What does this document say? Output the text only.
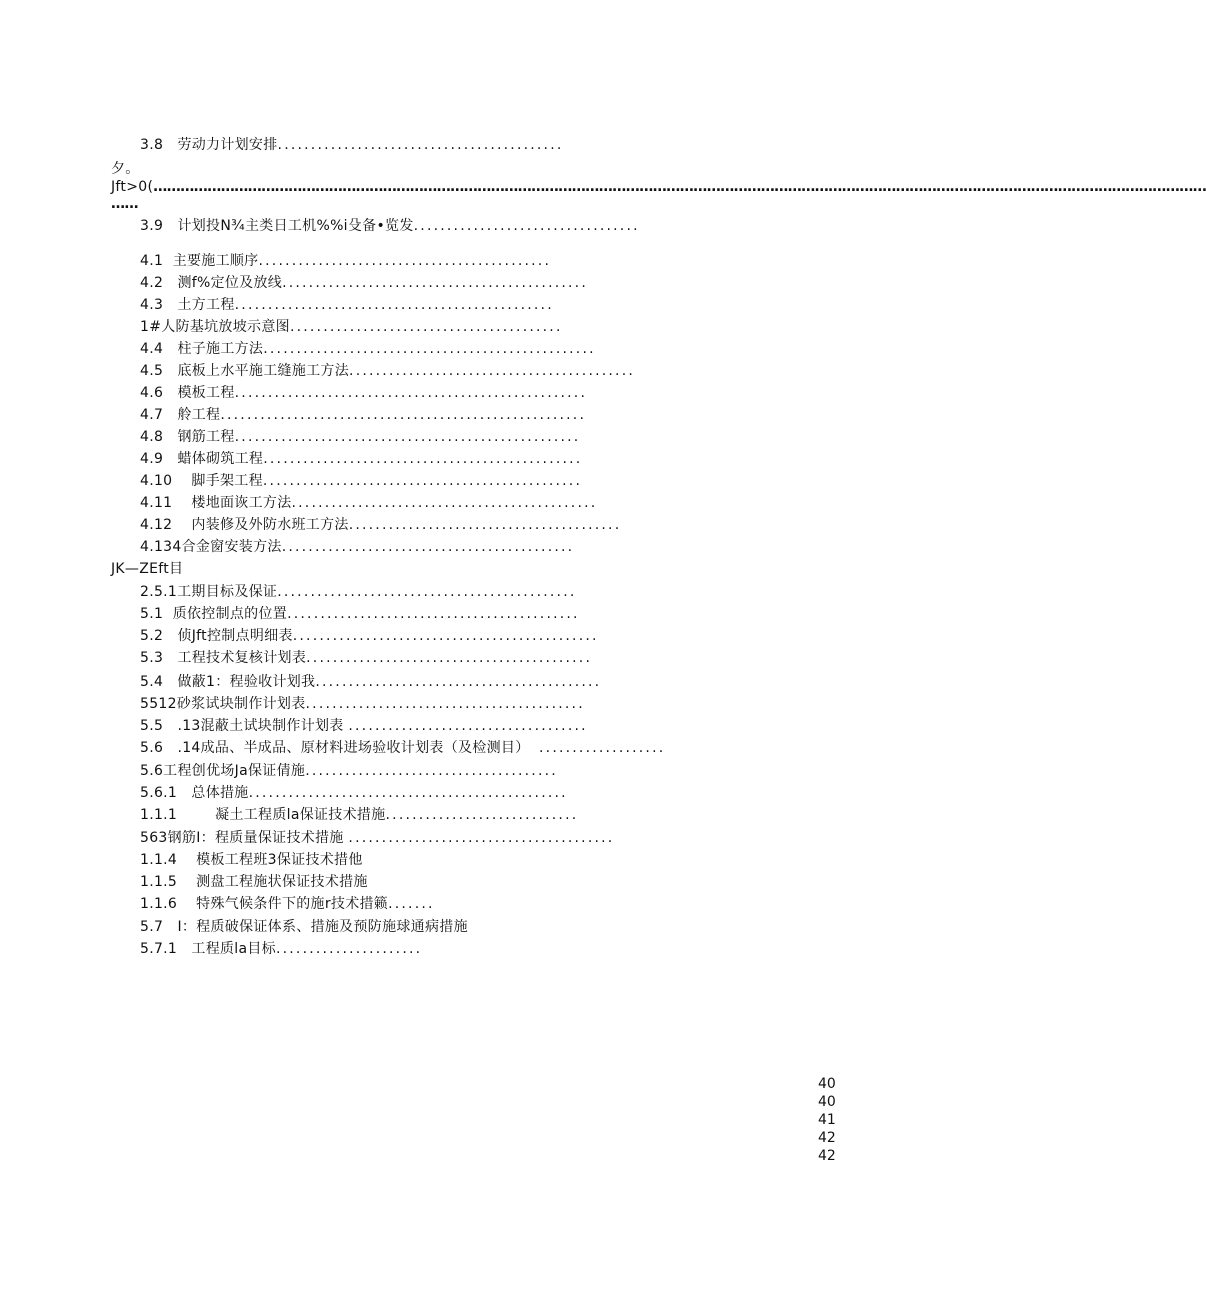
3.8 劳动力计划安排...........................................
夕。
Jft>0(………………………………………………………………………………………………………………………………………………………………………………………………………………
……
3.9 计划投N¾主类日工机%%i殳备•览发..................................
4.1 主要施工顺序............................................
4.2 测f%定位及放线..............................................
4.3 土方工程................................................
1#人防基坑放坡示意图.........................................
4.4 柱子施工方法..................................................
4.5 底板上水平施工缝施工方法...........................................
4.6 模板工程.....................................................
4.7 舲工程.......................................................
4.8 钢筋工程....................................................
4.9 蜡体砌筑工程................................................
4.10 脚手架工程................................................
4.11 楼地面诙工方法..............................................
4.12 内装修及外防水班工方法.........................................
4.134合金窗安装方法............................................
JK—ZEft目
2.5.1工期目标及保证.............................................
5.1 质依控制点的位置............................................
5.2 侦Jft控制点明细表..............................................
5.3 工程技术复核计划表...........................................
5.4 做蔽1：程验收计划我...........................................
5512砂浆试块制作计划表..........................................
5.5 .13混蔽土试块制作计划表 ....................................
5.6 .14成品、半成品、原材料进场验收计划表（及检测目） ...................
5.6工程创优场Ja保证倩施......................................
5.6.1 总体措施................................................
1.1.1        凝土工程质la保证技术措施.............................
563钢筋I：程质量保证技术措施 ........................................
1.1.4 模板工程班3保证技术措他
1.1.5 测盘工程施状保证技术措施
1.1.6 特殊气候条件下的施r技术措籁.......
5.7 I：程质破保证体系、措施及预防施球通病措施
5.7.1 工程质la目标......................
40
40
41
42
42
